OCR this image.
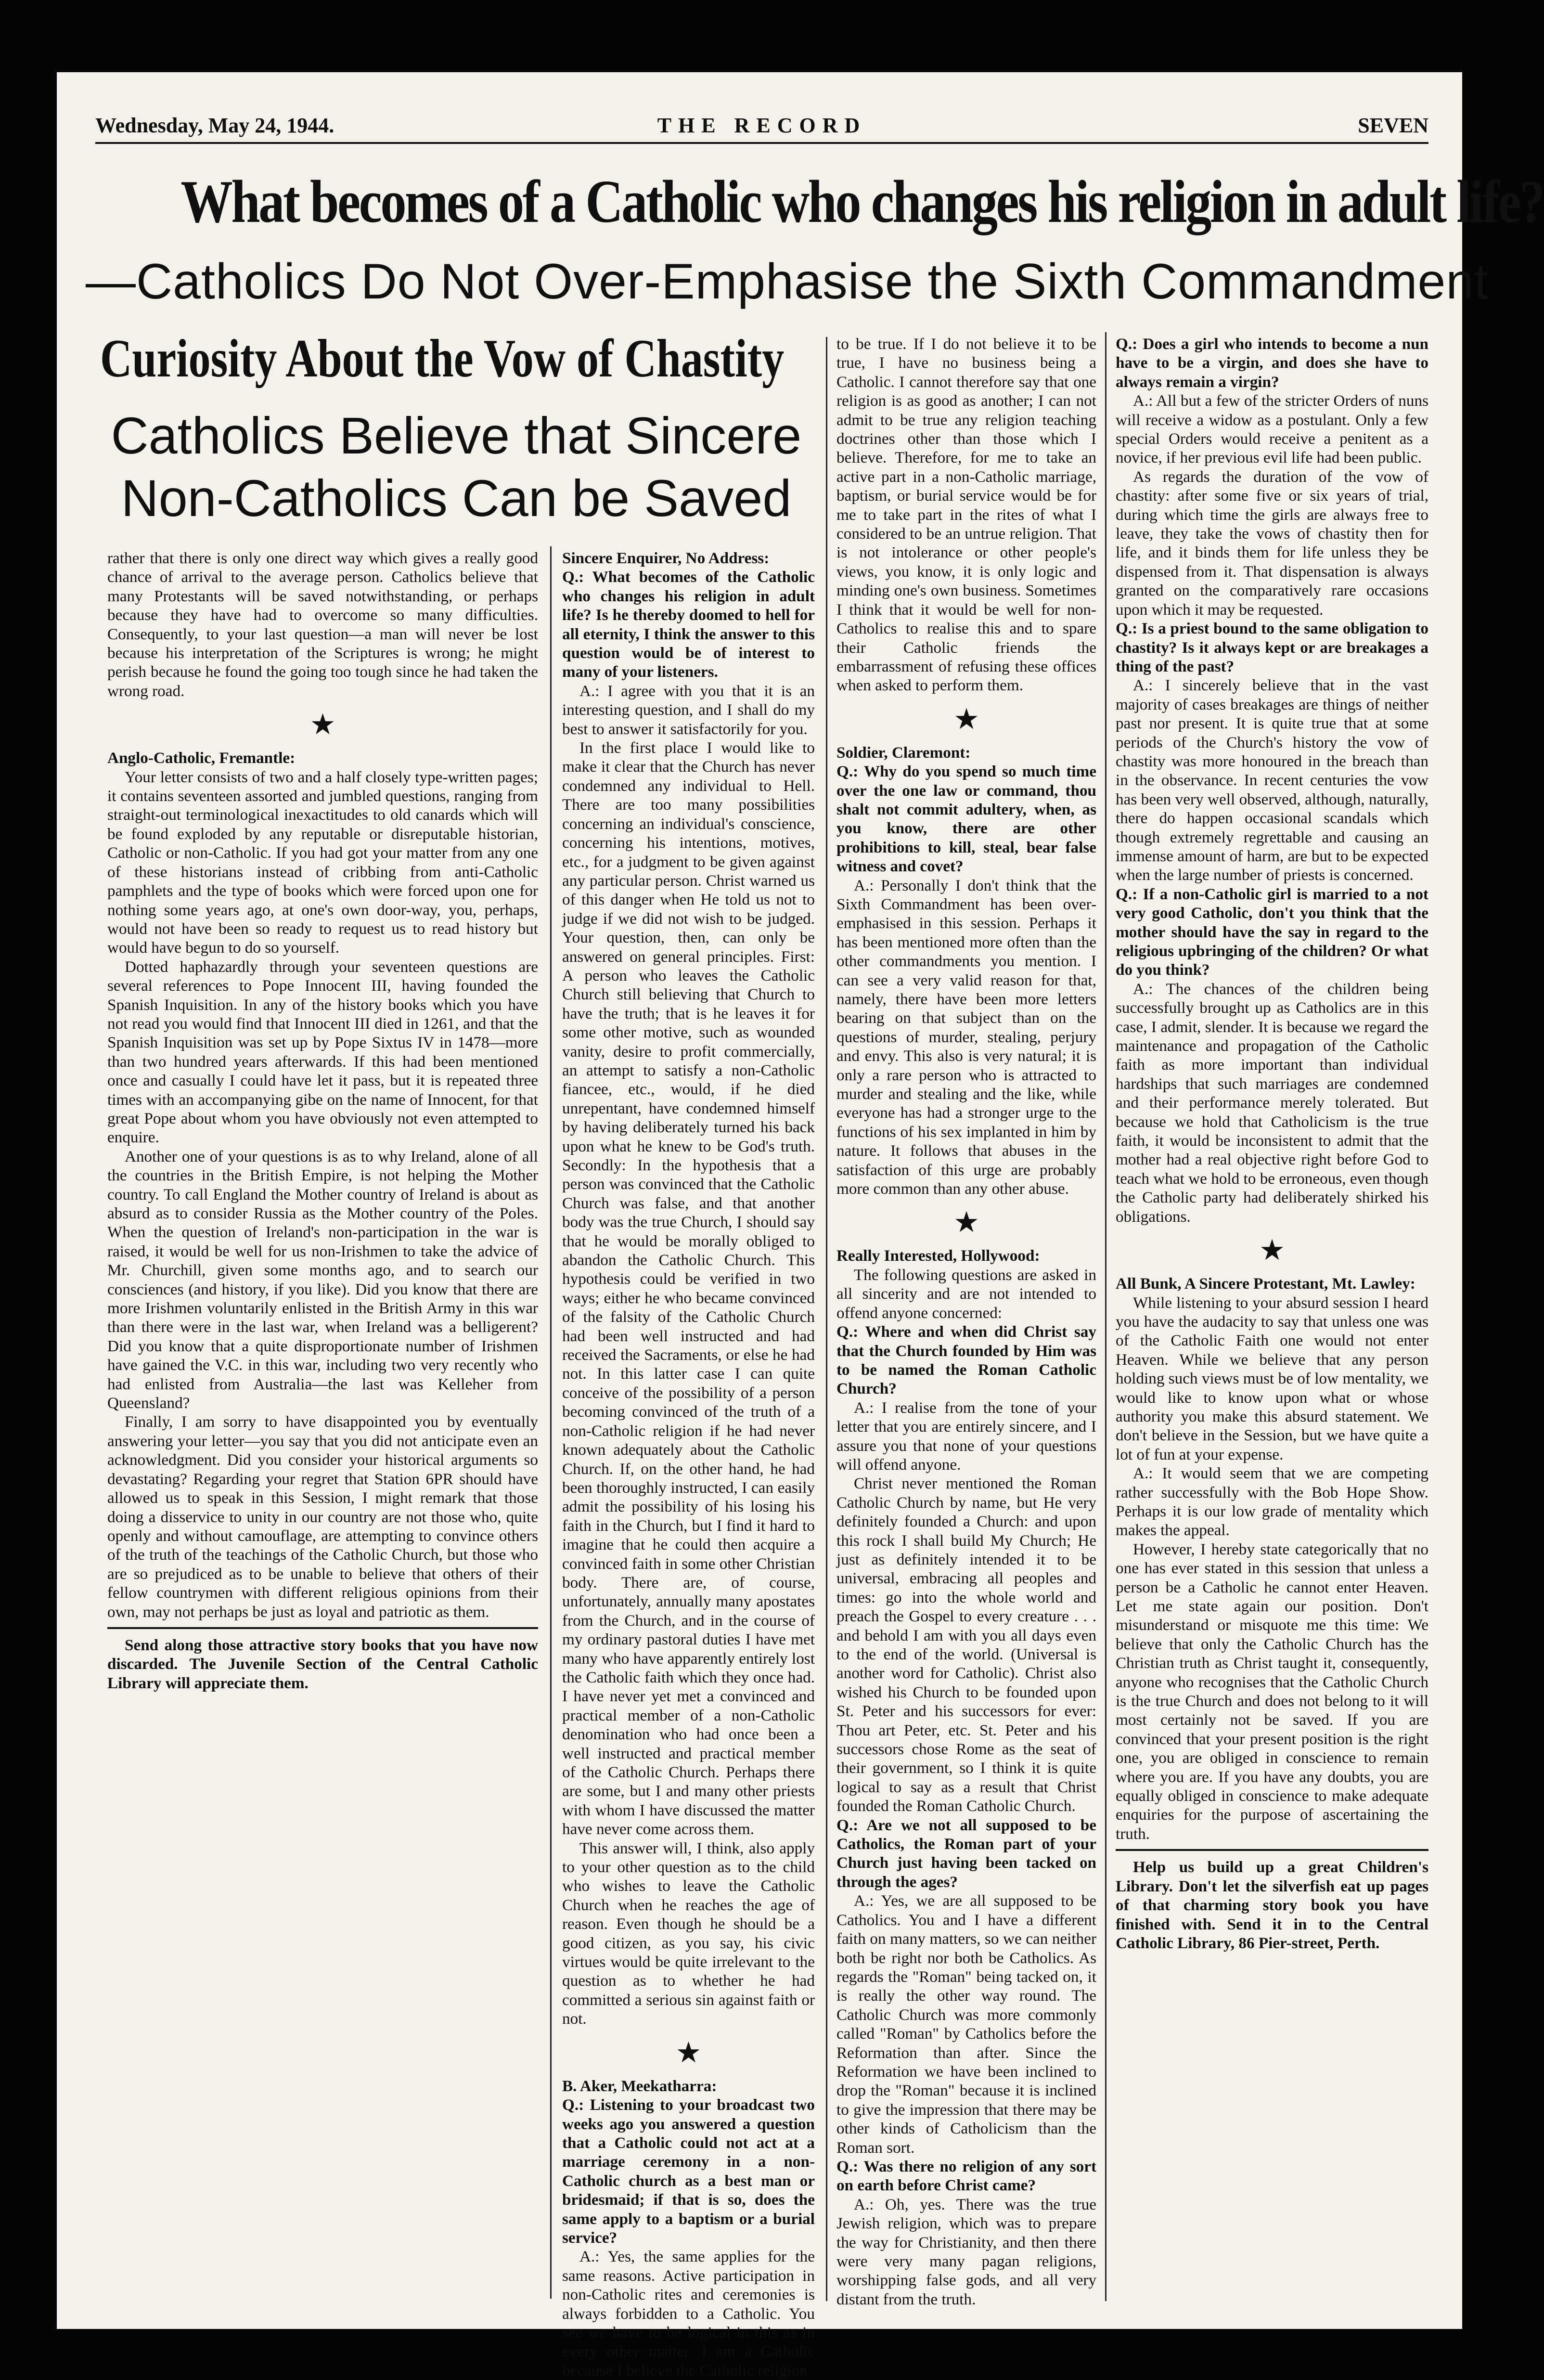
Wednesday, May 24, 1944.	THE RECORD	SEVEN
What becomes of a Catholic who changes his religion in adult life?
—Catholics Do Not Over-Emphasise the Sixth Commandment
Curiosity About the Vow of Chastity
Catholics Believe that Sincere Non-Catholics Can be Saved

rather that there is only one direct way which gives a really good chance of arrival to the average person. Catholics believe that many Protestants will be saved notwithstanding, or perhaps because they have had to overcome so many difficulties. Consequently, to your last question—a man will never be lost because his interpretation of the Scriptures is wrong; he might perish because he found the going too tough since he had taken the wrong road.

★

Anglo-Catholic, Fremantle:

Your letter consists of two and a half closely type-written pages; it contains seventeen assorted and jumbled questions, ranging from straight-out terminological inexactitudes to old canards which will be found exploded by any reputable or disreputable historian, Catholic or non-Catholic. If you had got your matter from any one of these historians instead of cribbing from anti-Catholic pamphlets and the type of books which were forced upon one for nothing some years ago, at one's own door-way, you, perhaps, would not have been so ready to request us to read history but would have begun to do so yourself.

Dotted haphazardly through your seventeen questions are several references to Pope Innocent III, having founded the Spanish Inquisition. In any of the history books which you have not read you would find that Innocent III died in 1261, and that the Spanish Inquisition was set up by Pope Sixtus IV in 1478—more than two hundred years afterwards. If this had been mentioned once and casually I could have let it pass, but it is repeated three times with an accompanying gibe on the name of Innocent, for that great Pope about whom you have obviously not even attempted to enquire.

Another one of your questions is as to why Ireland, alone of all the countries in the British Empire, is not helping the Mother country. To call England the Mother country of Ireland is about as absurd as to consider Russia as the Mother country of the Poles. When the question of Ireland's non-participation in the war is raised, it would be well for us non-Irishmen to take the advice of Mr. Churchill, given some months ago, and to search our consciences (and history, if you like). Did you know that there are more Irishmen voluntarily enlisted in the British Army in this war than there were in the last war, when Ireland was a belligerent? Did you know that a quite disproportionate number of Irishmen have gained the V.C. in this war, including two very recently who had enlisted from Australia—the last was Kelleher from Queensland?

Finally, I am sorry to have disappointed you by eventually answering your letter—you say that you did not anticipate even an acknowledgment. Did you consider your historical arguments so devastating? Regarding your regret that Station 6PR should have allowed us to speak in this Session, I might remark that those doing a disservice to unity in our country are not those who, quite openly and without camouflage, are attempting to convince others of the truth of the teachings of the Catholic Church, but those who are so prejudiced as to be unable to believe that others of their fellow countrymen with different religious opinions from their own, may not perhaps be just as loyal and patriotic as them.

Send along those attractive story books that you have now discarded. The Juvenile Section of the Central Catholic Library will appreciate them.

Sincere Enquirer, No Address:

Q.: What becomes of the Catholic who changes his religion in adult life? Is he thereby doomed to hell for all eternity, I think the answer to this question would be of interest to many of your listeners.

A.: I agree with you that it is an interesting question, and I shall do my best to answer it satisfactorily for you.

In the first place I would like to make it clear that the Church has never condemned any individual to Hell. There are too many possibilities concerning an individual's conscience, concerning his intentions, motives, etc., for a judgment to be given against any particular person. Christ warned us of this danger when He told us not to judge if we did not wish to be judged. Your question, then, can only be answered on general principles. First: A person who leaves the Catholic Church still believing that Church to have the truth; that is he leaves it for some other motive, such as wounded vanity, desire to profit commercially, an attempt to satisfy a non-Catholic fiancee, etc., would, if he died unrepentant, have condemned himself by having deliberately turned his back upon what he knew to be God's truth. Secondly: In the hypothesis that a person was convinced that the Catholic Church was false, and that another body was the true Church, I should say that he would be morally obliged to abandon the Catholic Church. This hypothesis could be verified in two ways; either he who became convinced of the falsity of the Catholic Church had been well instructed and had received the Sacraments, or else he had not. In this latter case I can quite conceive of the possibility of a person becoming convinced of the truth of a non-Catholic religion if he had never known adequately about the Catholic Church. If, on the other hand, he had been thoroughly instructed, I can easily admit the possibility of his losing his faith in the Church, but I find it hard to imagine that he could then acquire a convinced faith in some other Christian body. There are, of course, unfortunately, annually many apostates from the Church, and in the course of my ordinary pastoral duties I have met many who have apparently entirely lost the Catholic faith which they once had. I have never yet met a convinced and practical member of a non-Catholic denomination who had once been a well instructed and practical member of the Catholic Church. Perhaps there are some, but I and many other priests with whom I have discussed the matter have never come across them.

This answer will, I think, also apply to your other question as to the child who wishes to leave the Catholic Church when he reaches the age of reason. Even though he should be a good citizen, as you say, his civic virtues would be quite irrelevant to the question as to whether he had committed a serious sin against faith or not.

★

B. Aker, Meekatharra:

Q.: Listening to your broadcast two weeks ago you answered a question that a Catholic could not act at a marriage ceremony in a non-Catholic church as a best man or bridesmaid; if that is so, does the same apply to a baptism or a burial service?

A.: Yes, the same applies for the same reasons. Active participation in non-Catholic rites and ceremonies is always forbidden to a Catholic. You see we have to be logical in this as in every other matter. I am a Catholic because I believe the Catholic religion

to be true. If I do not believe it to be true, I have no business being a Catholic. I cannot therefore say that one religion is as good as another; I can not admit to be true any religion teaching doctrines other than those which I believe. Therefore, for me to take an active part in a non-Catholic marriage, baptism, or burial service would be for me to take part in the rites of what I considered to be an untrue religion. That is not intolerance or other people's views, you know, it is only logic and minding one's own business. Sometimes I think that it would be well for non-Catholics to realise this and to spare their Catholic friends the embarrassment of refusing these offices when asked to perform them.

★

Soldier, Claremont:

Q.: Why do you spend so much time over the one law or command, thou shalt not commit adultery, when, as you know, there are other prohibitions to kill, steal, bear false witness and covet?

A.: Personally I don't think that the Sixth Commandment has been over-emphasised in this session. Perhaps it has been mentioned more often than the other commandments you mention. I can see a very valid reason for that, namely, there have been more letters bearing on that subject than on the questions of murder, stealing, perjury and envy. This also is very natural; it is only a rare person who is attracted to murder and stealing and the like, while everyone has had a stronger urge to the functions of his sex implanted in him by nature. It follows that abuses in the satisfaction of this urge are probably more common than any other abuse.

★

Really Interested, Hollywood:

The following questions are asked in all sincerity and are not intended to offend anyone concerned:

Q.: Where and when did Christ say that the Church founded by Him was to be named the Roman Catholic Church?

A.: I realise from the tone of your letter that you are entirely sincere, and I assure you that none of your questions will offend anyone.

Christ never mentioned the Roman Catholic Church by name, but He very definitely founded a Church: and upon this rock I shall build My Church; He just as definitely intended it to be universal, embracing all peoples and times: go into the whole world and preach the Gospel to every creature . . . and behold I am with you all days even to the end of the world. (Universal is another word for Catholic). Christ also wished his Church to be founded upon St. Peter and his successors for ever: Thou art Peter, etc. St. Peter and his successors chose Rome as the seat of their government, so I think it is quite logical to say as a result that Christ founded the Roman Catholic Church.

Q.: Are we not all supposed to be Catholics, the Roman part of your Church just having been tacked on through the ages?

A.: Yes, we are all supposed to be Catholics. You and I have a different faith on many matters, so we can neither both be right nor both be Catholics. As regards the "Roman" being tacked on, it is really the other way round. The Catholic Church was more commonly called "Roman" by Catholics before the Reformation than after. Since the Reformation we have been inclined to drop the "Roman" because it is inclined to give the impression that there may be other kinds of Catholicism than the Roman sort.

Q.: Was there no religion of any sort on earth before Christ came?

A.: Oh, yes. There was the true Jewish religion, which was to prepare the way for Christianity, and then there were very many pagan religions, worshipping false gods, and all very distant from the truth.

Q.: Does a girl who intends to become a nun have to be a virgin, and does she have to always remain a virgin?

A.: All but a few of the stricter Orders of nuns will receive a widow as a postulant. Only a few special Orders would receive a penitent as a novice, if her previous evil life had been public.

As regards the duration of the vow of chastity: after some five or six years of trial, during which time the girls are always free to leave, they take the vows of chastity then for life, and it binds them for life unless they be dispensed from it. That dispensation is always granted on the comparatively rare occasions upon which it may be requested.

Q.: Is a priest bound to the same obligation to chastity? Is it always kept or are breakages a thing of the past?

A.: I sincerely believe that in the vast majority of cases breakages are things of neither past nor present. It is quite true that at some periods of the Church's history the vow of chastity was more honoured in the breach than in the observance. In recent centuries the vow has been very well observed, although, naturally, there do happen occasional scandals which though extremely regrettable and causing an immense amount of harm, are but to be expected when the large number of priests is concerned.

Q.: If a non-Catholic girl is married to a not very good Catholic, don't you think that the mother should have the say in regard to the religious upbringing of the children? Or what do you think?

A.: The chances of the children being successfully brought up as Catholics are in this case, I admit, slender. It is because we regard the maintenance and propagation of the Catholic faith as more important than individual hardships that such marriages are condemned and their performance merely tolerated. But because we hold that Catholicism is the true faith, it would be inconsistent to admit that the mother had a real objective right before God to teach what we hold to be erroneous, even though the Catholic party had deliberately shirked his obligations.

★

All Bunk, A Sincere Protestant, Mt. Lawley:

While listening to your absurd session I heard you have the audacity to say that unless one was of the Catholic Faith one would not enter Heaven. While we believe that any person holding such views must be of low mentality, we would like to know upon what or whose authority you make this absurd statement. We don't believe in the Session, but we have quite a lot of fun at your expense.

A.: It would seem that we are competing rather successfully with the Bob Hope Show. Perhaps it is our low grade of mentality which makes the appeal.

However, I hereby state categorically that no one has ever stated in this session that unless a person be a Catholic he cannot enter Heaven. Let me state again our position. Don't misunderstand or misquote me this time: We believe that only the Catholic Church has the Christian truth as Christ taught it, consequently, anyone who recognises that the Catholic Church is the true Church and does not belong to it will most certainly not be saved. If you are convinced that your present position is the right one, you are obliged in conscience to remain where you are. If you have any doubts, you are equally obliged in conscience to make adequate enquiries for the purpose of ascertaining the truth.

Help us build up a great Children's Library. Don't let the silverfish eat up pages of that charming story book you have finished with. Send it in to the Central Catholic Library, 86 Pier-street, Perth.
